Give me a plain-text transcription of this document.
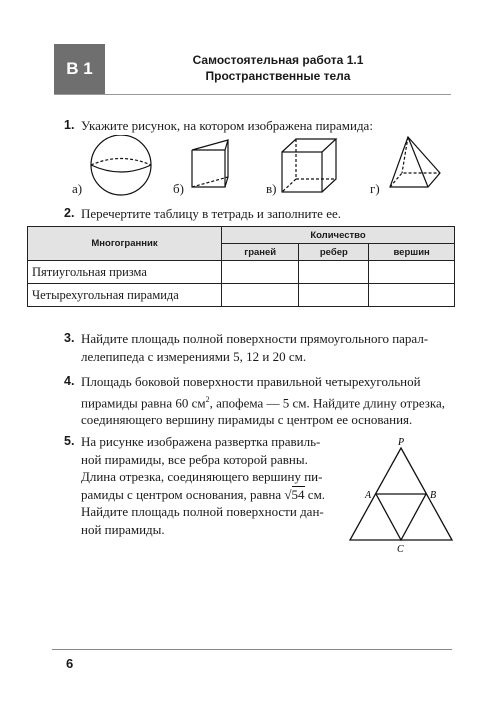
В 1	Самостоятельная работа 1.1
Пространственные тела
1. Укажите рисунок, на котором изображена пирамида:
а)	б)	в)	г)
2. Перечертите таблицу в тетрадь и заполните ее.
Многогранник	Количество		
	граней	ребер	вершин
Пятиугольная призма			
Четырехугольная пирамида			
3. Найдите площадь полной поверхности прямоугольного парал-
лелепипеда с измерениями 5, 12 и 20 см.
4. Площадь боковой поверхности правильной четырехугольной
пирамиды равна 60 $см^2$, апофема — 5 см. Найдите длину отрезка,
соединяющего вершину пирамиды с центром ее основания.
5. На рисунке изображена развертка правиль-
ной пирамиды, все ребра которой равны.
Длина отрезка, соединяющего вершину пи-
рамиды с центром основания, равна √54 см.
Найдите площадь полной поверхности дан-
ной пирамиды.
P
A	B
C
6
